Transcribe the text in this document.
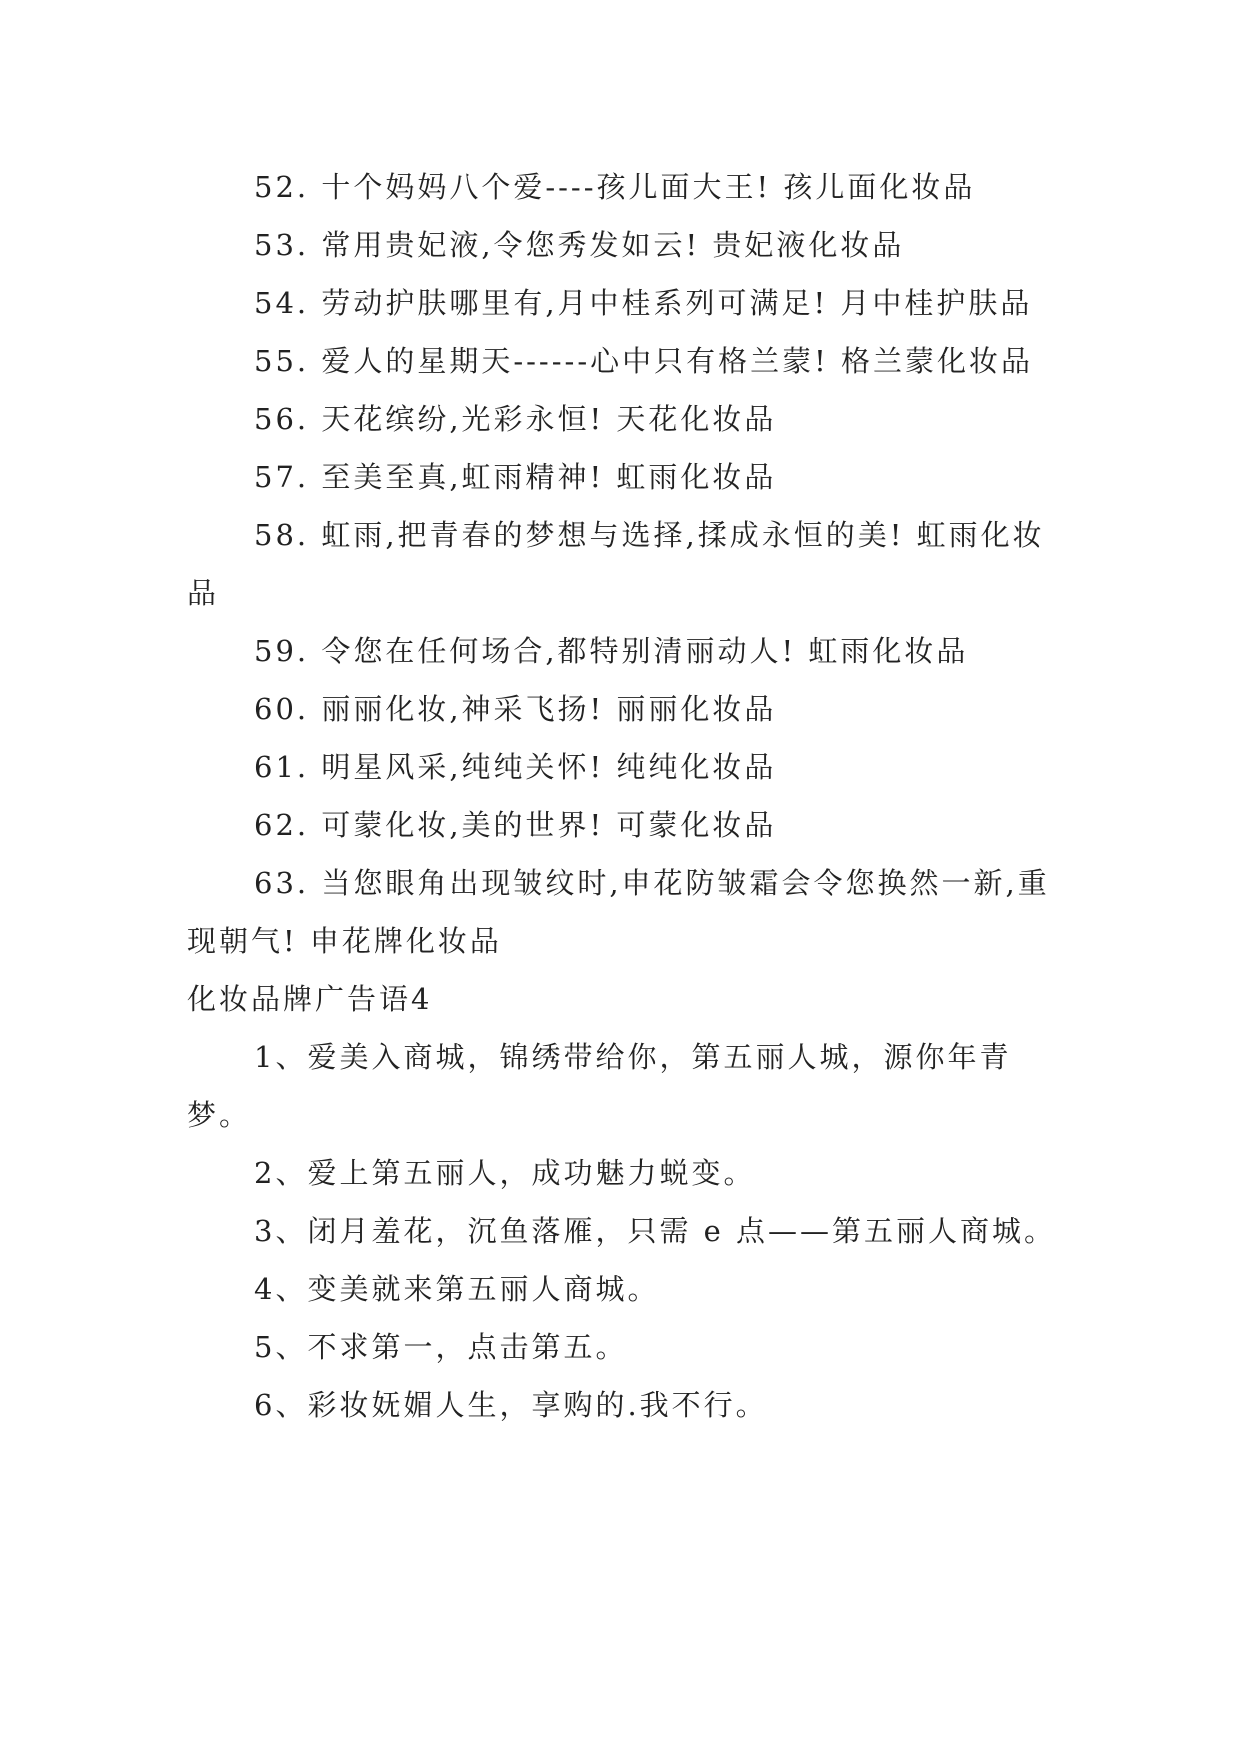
52. 十个妈妈八个爱----孩儿面大王! 孩儿面化妆品

53. 常用贵妃液,令您秀发如云! 贵妃液化妆品

54. 劳动护肤哪里有,月中桂系列可满足! 月中桂护肤品

55. 爱人的星期天------心中只有格兰蒙! 格兰蒙化妆品

56. 天花缤纷,光彩永恒! 天花化妆品

57. 至美至真,虹雨精神! 虹雨化妆品

58. 虹雨,把青春的梦想与选择,揉成永恒的美! 虹雨化妆品

59. 令您在任何场合,都特别清丽动人! 虹雨化妆品

60. 丽丽化妆,神采飞扬! 丽丽化妆品

61. 明星风采,纯纯关怀! 纯纯化妆品

62. 可蒙化妆,美的世界! 可蒙化妆品

63. 当您眼角出现皱纹时,申花防皱霜会令您换然一新,重现朝气! 申花牌化妆品

化妆品牌广告语4

1、爱美入商城，锦绣带给你，第五丽人城，源你年青梦。

2、爱上第五丽人，成功魅力蜕变。

3、闭月羞花，沉鱼落雁，只需 e 点——第五丽人商城。

4、变美就来第五丽人商城。

5、不求第一，点击第五。

6、彩妆妩媚人生，享购的.我不行。
